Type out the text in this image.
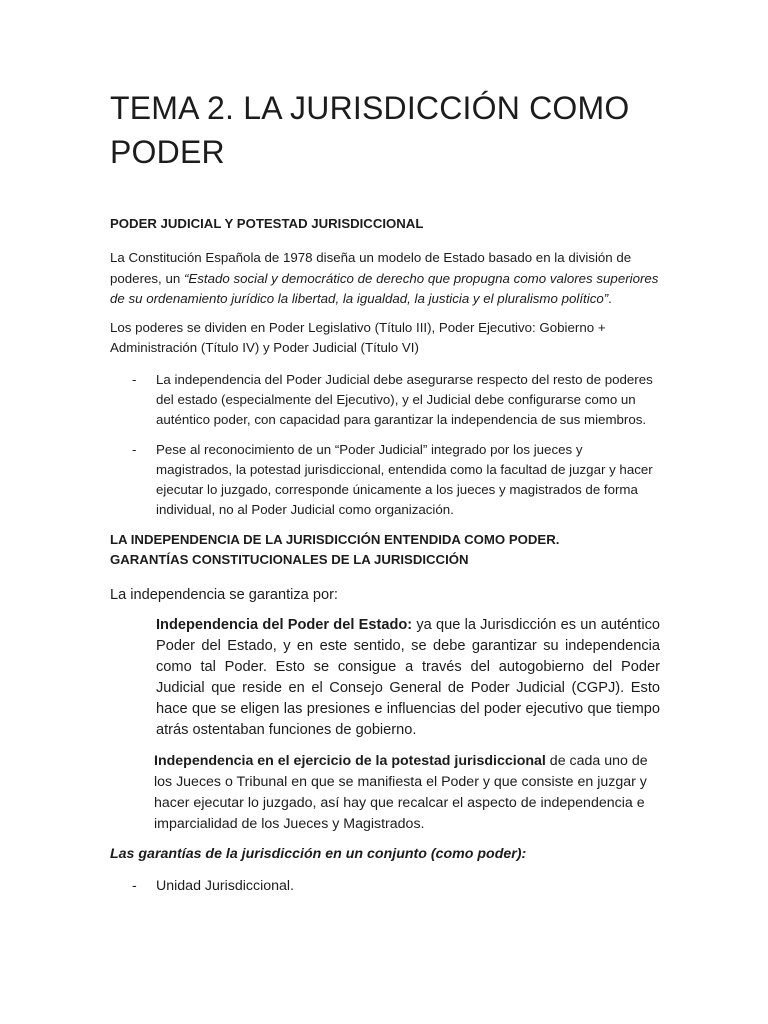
TEMA 2. LA JURISDICCIÓN COMO PODER
PODER JUDICIAL Y POTESTAD JURISDICCIONAL

La Constitución Española de 1978 diseña un modelo de Estado basado en la división de poderes, un “Estado social y democrático de derecho que propugna como valores superiores de su ordenamiento jurídico la libertad, la igualdad, la justicia y el pluralismo político”.

Los poderes se dividen en Poder Legislativo (Título III), Poder Ejecutivo: Gobierno + Administración (Título IV) y Poder Judicial (Título VI)

- La independencia del Poder Judicial debe asegurarse respecto del resto de poderes del estado (especialmente del Ejecutivo), y el Judicial debe configurarse como un auténtico poder, con capacidad para garantizar la independencia de sus miembros.
- Pese al reconocimiento de un “Poder Judicial” integrado por los jueces y magistrados, la potestad jurisdiccional, entendida como la facultad de juzgar y hacer ejecutar lo juzgado, corresponde únicamente a los jueces y magistrados de forma individual, no al Poder Judicial como organización.
LA INDEPENDENCIA DE LA JURISDICCIÓN ENTENDIDA COMO PODER.
GARANTÍAS CONSTITUCIONALES DE LA JURISDICCIÓN

La independencia se garantiza por:

Independencia del Poder del Estado: ya que la Jurisdicción es un auténtico Poder del Estado, y en este sentido, se debe garantizar su independencia como tal Poder. Esto se consigue a través del autogobierno del Poder Judicial que reside en el Consejo General de Poder Judicial (CGPJ). Esto hace que se eligen las presiones e influencias del poder ejecutivo que tiempo atrás ostentaban funciones de gobierno.

Independencia en el ejercicio de la potestad jurisdiccional de cada uno de los Jueces o Tribunal en que se manifiesta el Poder y que consiste en juzgar y hacer ejecutar lo juzgado, así hay que recalcar el aspecto de independencia e imparcialidad de los Jueces y Magistrados.

Las garantías de la jurisdicción en un conjunto (como poder):

- Unidad Jurisdiccional.
